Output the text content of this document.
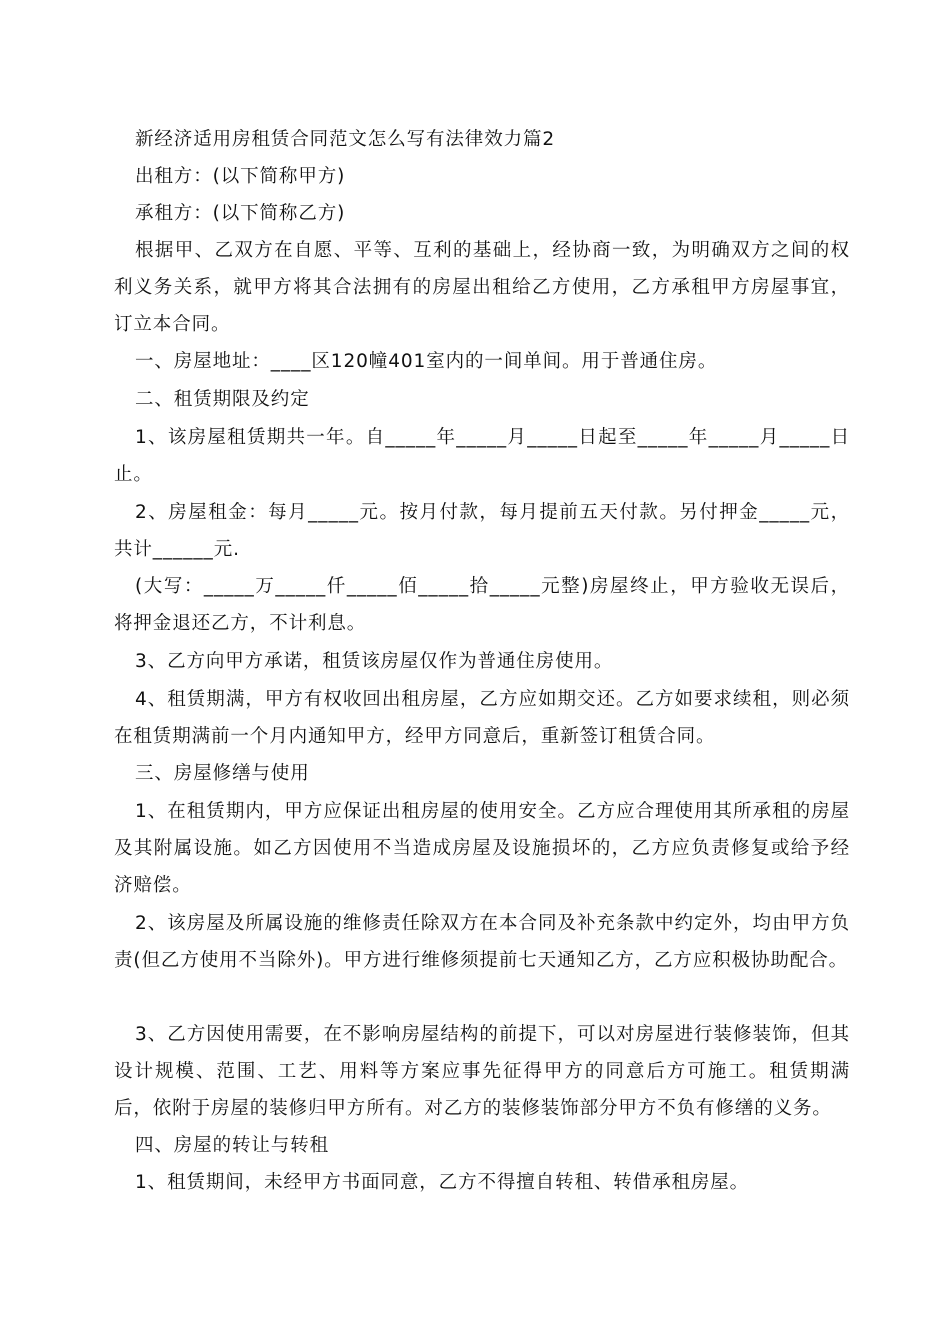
新经济适用房租赁合同范文怎么写有法律效力篇2

出租方：(以下简称甲方)

承租方：(以下简称乙方)

根据甲、乙双方在自愿、平等、互利的基础上，经协商一致，为明确双方之间的权利义务关系，就甲方将其合法拥有的房屋出租给乙方使用，乙方承租甲方房屋事宜，订立本合同。

一、房屋地址：____区120幢401室内的一间单间。用于普通住房。

二、租赁期限及约定

1、该房屋租赁期共一年。自_____年_____月_____日起至_____年_____月_____日止。

2、房屋租金：每月_____元。按月付款，每月提前五天付款。另付押金_____元，共计______元.

(大写：_____万_____仟_____佰_____拾_____元整)房屋终止，甲方验收无误后，将押金退还乙方，不计利息。

3、乙方向甲方承诺，租赁该房屋仅作为普通住房使用。

4、租赁期满，甲方有权收回出租房屋，乙方应如期交还。乙方如要求续租，则必须在租赁期满前一个月内通知甲方，经甲方同意后，重新签订租赁合同。

三、房屋修缮与使用

1、在租赁期内，甲方应保证出租房屋的使用安全。乙方应合理使用其所承租的房屋及其附属设施。如乙方因使用不当造成房屋及设施损坏的，乙方应负责修复或给予经济赔偿。

2、该房屋及所属设施的维修责任除双方在本合同及补充条款中约定外，均由甲方负责(但乙方使用不当除外)。甲方进行维修须提前七天通知乙方，乙方应积极协助配合。

3、乙方因使用需要，在不影响房屋结构的前提下，可以对房屋进行装修装饰，但其设计规模、范围、工艺、用料等方案应事先征得甲方的同意后方可施工。租赁期满后，依附于房屋的装修归甲方所有。对乙方的装修装饰部分甲方不负有修缮的义务。

四、房屋的转让与转租

1、租赁期间，未经甲方书面同意，乙方不得擅自转租、转借承租房屋。
